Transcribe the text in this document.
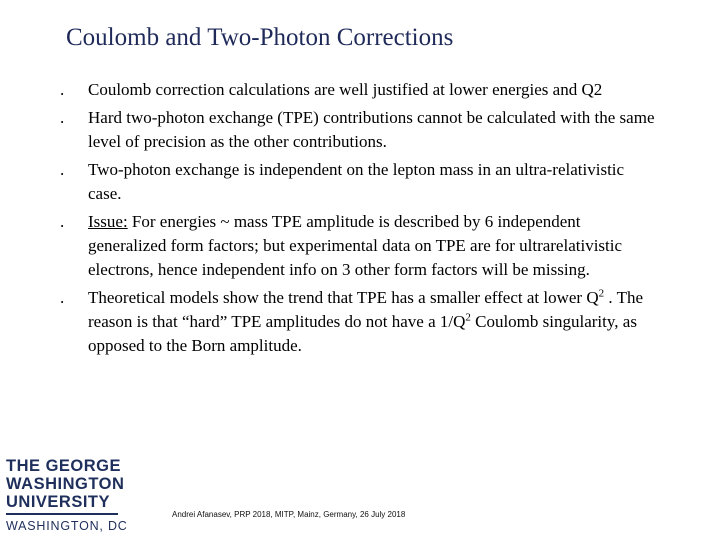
Coulomb and Two-Photon Corrections
. Coulomb correction calculations are well justified at lower energies and Q2
. Hard two-photon exchange (TPE) contributions cannot be calculated with the same level of precision as the other contributions.
. Two-photon exchange is independent on the lepton mass in an ultra-relativistic case.
. Issue: For energies ~ mass TPE amplitude is described by 6 independent generalized form factors; but experimental data on TPE are for ultrarelativistic electrons, hence independent info on 3 other form factors will be missing.
. Theoretical models show the trend that TPE has a smaller effect at lower $Q^2$ . The reason is that “hard” TPE amplitudes do not have a $1/Q^2$ Coulomb singularity, as opposed to the Born amplitude.
THE GEORGE
WASHINGTON
UNIVERSITY
WASHINGTON, DC
Andrei Afanasev, PRP 2018, MITP, Mainz, Germany, 26 July 2018
